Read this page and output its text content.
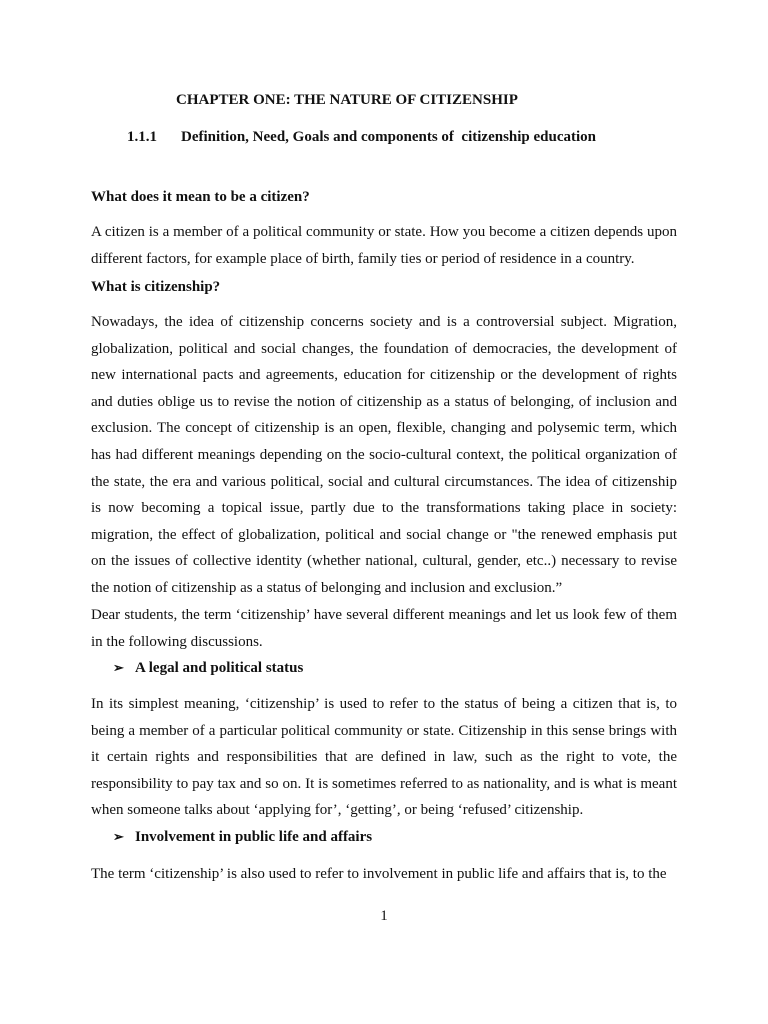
CHAPTER ONE: THE NATURE OF CITIZENSHIP
1.1.1 Definition, Need, Goals and components of  citizenship education
What does it mean to be a citizen?

A citizen is a member of a political community or state. How you become a citizen depends upon different factors, for example place of birth, family ties or period of residence in a country.

What is citizenship?

Nowadays, the idea of citizenship concerns society and is a controversial subject. Migration, globalization, political and social changes, the foundation of democracies, the development of new international pacts and agreements, education for citizenship or the development of rights and duties oblige us to revise the notion of citizenship as a status of belonging, of inclusion and exclusion. The concept of citizenship is an open, flexible, changing and polysemic term, which has had different meanings depending on the socio-cultural context, the political organization of the state, the era and various political, social and cultural circumstances. The idea of citizenship is now becoming a topical issue, partly due to the transformations taking place in society: migration, the effect of globalization, political and social change or "the renewed emphasis put on the issues of collective identity (whether national, cultural, gender, etc..) necessary to revise the notion of citizenship as a status of belonging and inclusion and exclusion.”

Dear students, the term ‘citizenship’ have several different meanings and let us look few of them in the following discussions.

➢ A legal and political status

In its simplest meaning, ‘citizenship’ is used to refer to the status of being a citizen that is, to being a member of a particular political community or state. Citizenship in this sense brings with it certain rights and responsibilities that are defined in law, such as the right to vote, the responsibility to pay tax and so on. It is sometimes referred to as nationality, and is what is meant when someone talks about ‘applying for’, ‘getting’, or being ‘refused’ citizenship.

➢ Involvement in public life and affairs

The term ‘citizenship’ is also used to refer to involvement in public life and affairs that is, to the

1
